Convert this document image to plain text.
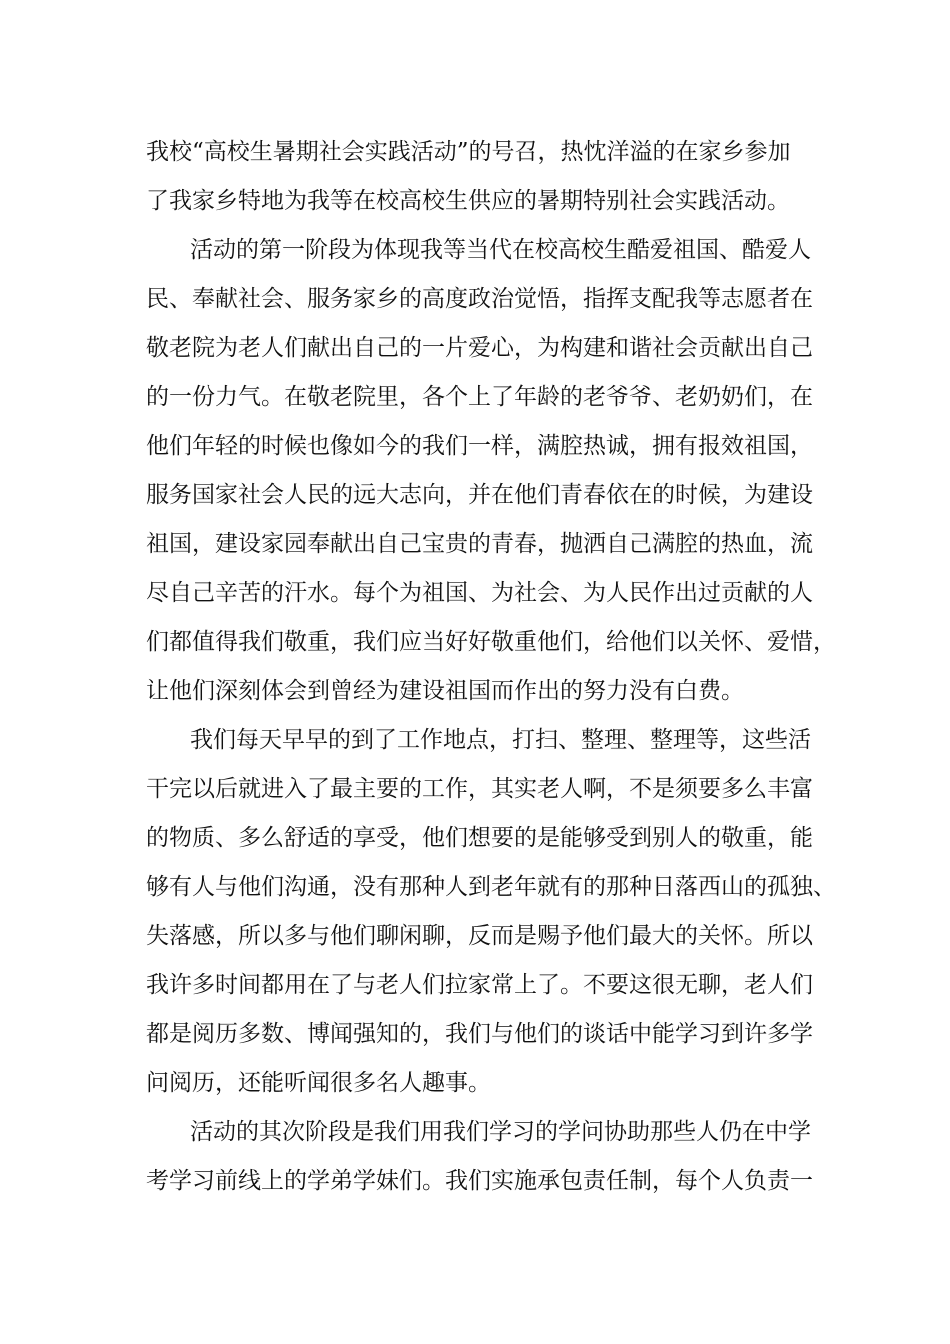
我校“高校生暑期社会实践活动”的号召，热忱洋溢的在家乡参加
了我家乡特地为我等在校高校生供应的暑期特别社会实践活动。
活动的第一阶段为体现我等当代在校高校生酷爱祖国、酷爱人
民、奉献社会、服务家乡的高度政治觉悟，指挥支配我等志愿者在
敬老院为老人们献出自己的一片爱心，为构建和谐社会贡献出自己
的一份力气。在敬老院里，各个上了年龄的老爷爷、老奶奶们，在
他们年轻的时候也像如今的我们一样，满腔热诚，拥有报效祖国，
服务国家社会人民的远大志向，并在他们青春依在的时候，为建设
祖国，建设家园奉献出自己宝贵的青春，抛洒自己满腔的热血，流
尽自己辛苦的汗水。每个为祖国、为社会、为人民作出过贡献的人
们都值得我们敬重，我们应当好好敬重他们，给他们以关怀、爱惜，
让他们深刻体会到曾经为建设祖国而作出的努力没有白费。
我们每天早早的到了工作地点，打扫、整理、整理等，这些活
干完以后就进入了最主要的工作，其实老人啊，不是须要多么丰富
的物质、多么舒适的享受，他们想要的是能够受到别人的敬重，能
够有人与他们沟通，没有那种人到老年就有的那种日落西山的孤独、
失落感，所以多与他们聊闲聊，反而是赐予他们最大的关怀。所以
我许多时间都用在了与老人们拉家常上了。不要这很无聊，老人们
都是阅历多数、博闻强知的，我们与他们的谈话中能学习到许多学
问阅历，还能听闻很多名人趣事。
活动的其次阶段是我们用我们学习的学问协助那些人仍在中学
考学习前线上的学弟学妹们。我们实施承包责任制，每个人负责一
